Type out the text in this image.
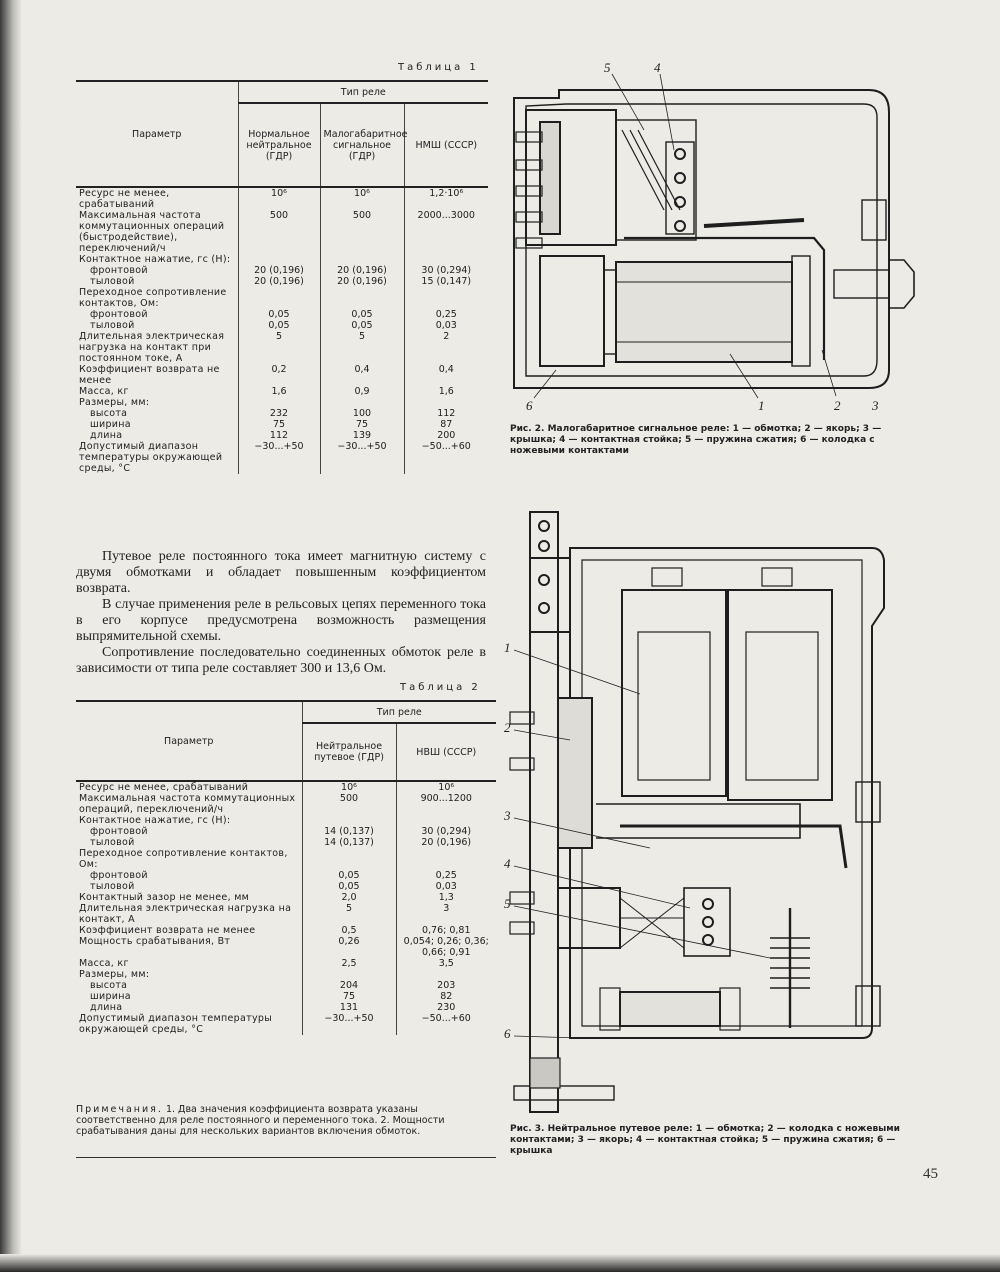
Таблица 1
Параметр	Тип реле		
	Нормальное нейтральное (ГДР)	Малогабаритное сигнальное (ГДР)	НМШ (СССР)
Ресурс не менее, срабатываний	10⁶	10⁶	1,2·10⁶
Максимальная частота коммутационных операций (быстродействие), переключений/ч	500	500	2000...3000
Контактное нажатие, гс (Н):			
фронтовой	20 (0,196)	20 (0,196)	30 (0,294)
тыловой	20 (0,196)	20 (0,196)	15 (0,147)
Переходное сопротивление контактов, Ом:			
фронтовой	0,05	0,05	0,25
тыловой	0,05	0,05	0,03
Длительная электрическая нагрузка на контакт при постоянном токе, А	5	5	2
Коэффициент возврата не менее	0,2	0,4	0,4
Масса, кг	1,6	0,9	1,6
Размеры, мм:			
высота	232	100	112
ширина	75	75	87
длина	112	139	200
Допустимый диапазон температуры окружающей среды, °С	−30...+50	−30...+50	−50...+60

Путевое реле постоянного тока имеет магнитную систему с двумя обмотками и обладает повышенным коэффициентом возврата.

В случае применения реле в рельсовых цепях переменного тока в его корпусе предусмотрена возможность размещения выпрямительной схемы.

Сопротивление последовательно соединенных обмоток реле в зависимости от типа реле составляет 300 и 13,6 Ом.

Таблица 2
Параметр	Тип реле	
	Нейтральное путевое (ГДР)	НВШ (СССР)
Ресурс не менее, срабатываний	10⁶	10⁶
Максимальная частота коммутационных операций, переключений/ч	500	900...1200
Контактное нажатие, гс (Н):		
фронтовой	14 (0,137)	30 (0,294)
тыловой	14 (0,137)	20 (0,196)
Переходное сопротивление контактов, Ом:		
фронтовой	0,05	0,25
тыловой	0,05	0,03
Контактный зазор не менее, мм	2,0	1,3
Длительная электрическая нагрузка на контакт, А	5	3
Коэффициент возврата не менее	0,5	0,76; 0,81
Мощность срабатывания, Вт	0,26	0,054; 0,26; 0,36; 0,66; 0,91
Масса, кг	2,5	3,5
Размеры, мм:		
высота	204	203
ширина	75	82
длина	131	230
Допустимый диапазон температуры окружающей среды, °С	−30...+50	−50...+60
Примечания. 1. Два значения коэффициента возврата указаны соответственно для реле постоянного и переменного тока. 2. Мощности срабатывания даны для нескольких вариантов включения обмоток.
5	4
6	1	2 3
Рис. 2. Малогабаритное сигнальное реле: 1 — обмотка; 2 — якорь; 3 — крышка; 4 — контактная стойка; 5 — пружина сжатия; 6 — колодка с ножевыми контактами
1
2
3
4
5
6
Рис. 3. Нейтральное путевое реле: 1 — обмотка; 2 — колодка с ножевыми контактами; 3 — якорь; 4 — контактная стойка; 5 — пружина сжатия; 6 — крышка
45
